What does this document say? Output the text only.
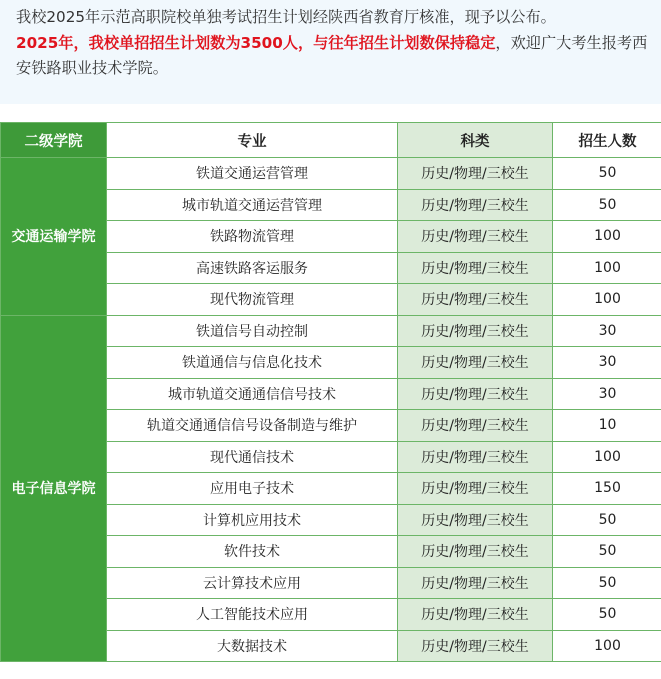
我校2025年示范高职院校单独考试招生计划经陕西省教育厅核准，现予以公布。
2025年，我校单招招生计划数为3500人，与往年招生计划数保持稳定，欢迎广大考生报考西安铁路职业技术学院。

二级学院	专业	科类	招生人数
交通运输学院	铁道交通运营管理	历史/物理/三校生	50
	城市轨道交通运营管理	历史/物理/三校生	50
	铁路物流管理	历史/物理/三校生	100
	高速铁路客运服务	历史/物理/三校生	100
	现代物流管理	历史/物理/三校生	100
电子信息学院	铁道信号自动控制	历史/物理/三校生	30
	铁道通信与信息化技术	历史/物理/三校生	30
	城市轨道交通通信信号技术	历史/物理/三校生	30
	轨道交通通信信号设备制造与维护	历史/物理/三校生	10
	现代通信技术	历史/物理/三校生	100
	应用电子技术	历史/物理/三校生	150
	计算机应用技术	历史/物理/三校生	50
	软件技术	历史/物理/三校生	50
	云计算技术应用	历史/物理/三校生	50
	人工智能技术应用	历史/物理/三校生	50
	大数据技术	历史/物理/三校生	100
